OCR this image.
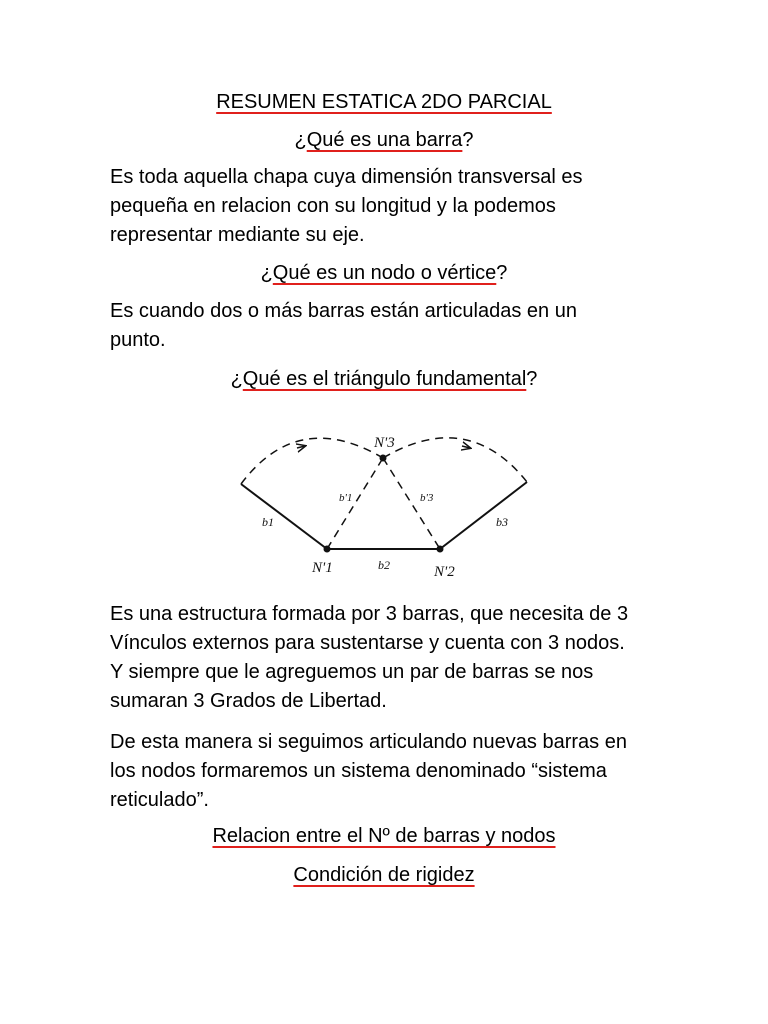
RESUMEN ESTATICA 2DO PARCIAL
¿Qué es una barra?
Es toda aquella chapa cuya dimensión transversal es
pequeña en relacion con su longitud y la podemos
representar mediante su eje.
¿Qué es un nodo o vértice?
Es cuando dos o más barras están articuladas en un
punto.
¿Qué es el triángulo fundamental?
N'3
N'1	N'2
b1
b2
b3
b'1	b'3
Es una estructura formada por 3 barras, que necesita de 3
Vínculos externos para sustentarse y cuenta con 3 nodos.
Y siempre que le agreguemos un par de barras se nos
sumaran 3 Grados de Libertad.
De esta manera si seguimos articulando nuevas barras en
los nodos formaremos un sistema denominado “sistema
reticulado”.
Relacion entre el Nº de barras y nodos
Condición de rigidez
